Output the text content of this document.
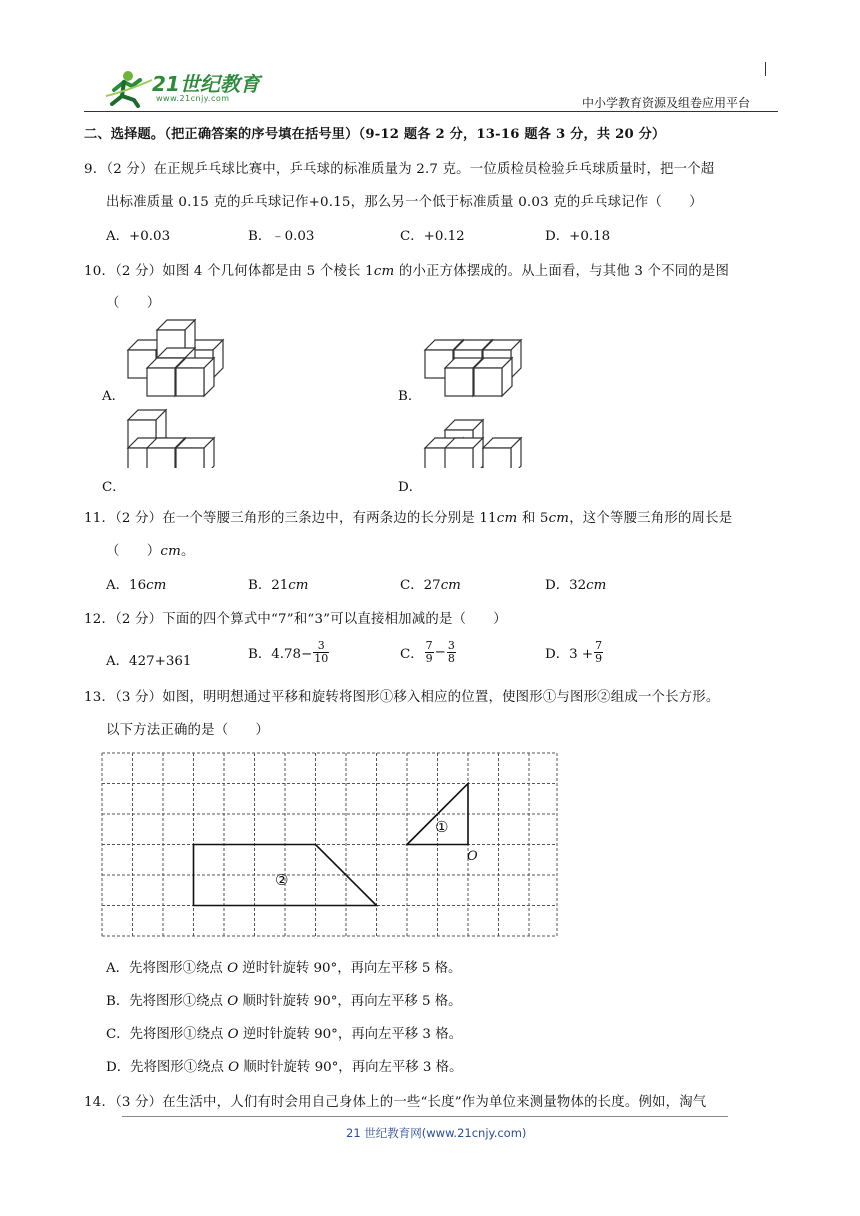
21世纪教育
www.21cnjy.com	中小学教育资源及组卷应用平台
二、选择题。（把正确答案的序号填在括号里）（9-12 题各 2 分，13-16 题各 3 分，共 20 分）
9．（2 分）在正规乒乓球比赛中，乒乓球的标准质量为 2.7 克。一位质检员检验乒乓球质量时，把一个超
出标准质量 0.15 克的乒乓球记作+0.15，那么另一个低于标准质量 0.03 克的乒乓球记作（　　）
A．+0.03	B．﹣0.03	C．+0.12	D．+0.18
10．（2 分）如图 4 个几何体都是由 5 个棱长 1cm 的小正方体摆成的。从上面看，与其他 3 个不同的是图
（　　）
A．	B．
C．	D．
11．（2 分）在一个等腰三角形的三条边中，有两条边的长分别是 11cm 和 5cm，这个等腰三角形的周长是
（　　）cm。
A．16cm	B．21cm	C．27cm	D．32cm
12．（2 分）下面的四个算式中“7”和“3”可以直接相加减的是（　　）
A．427+361	B．$4.78- \frac{3}{10}$	C． $\frac{7}{9} - \frac{3}{8}$	D．$3 + \frac{7}{9}$
13．（3 分）如图，明明想通过平移和旋转将图形①移入相应的位置，使图形①与图形②组成一个长方形。
以下方法正确的是（　　）
①
②
O
A．先将图形①绕点 O 逆时针旋转 90°，再向左平移 5 格。
B．先将图形①绕点 O 顺时针旋转 90°，再向左平移 5 格。
C．先将图形①绕点 O 逆时针旋转 90°，再向左平移 3 格。
D．先将图形①绕点 O 顺时针旋转 90°，再向左平移 3 格。
14．（3 分）在生活中，人们有时会用自己身体上的一些“长度”作为单位来测量物体的长度。例如，淘气
21 世纪教育网(www.21cnjy.com)
